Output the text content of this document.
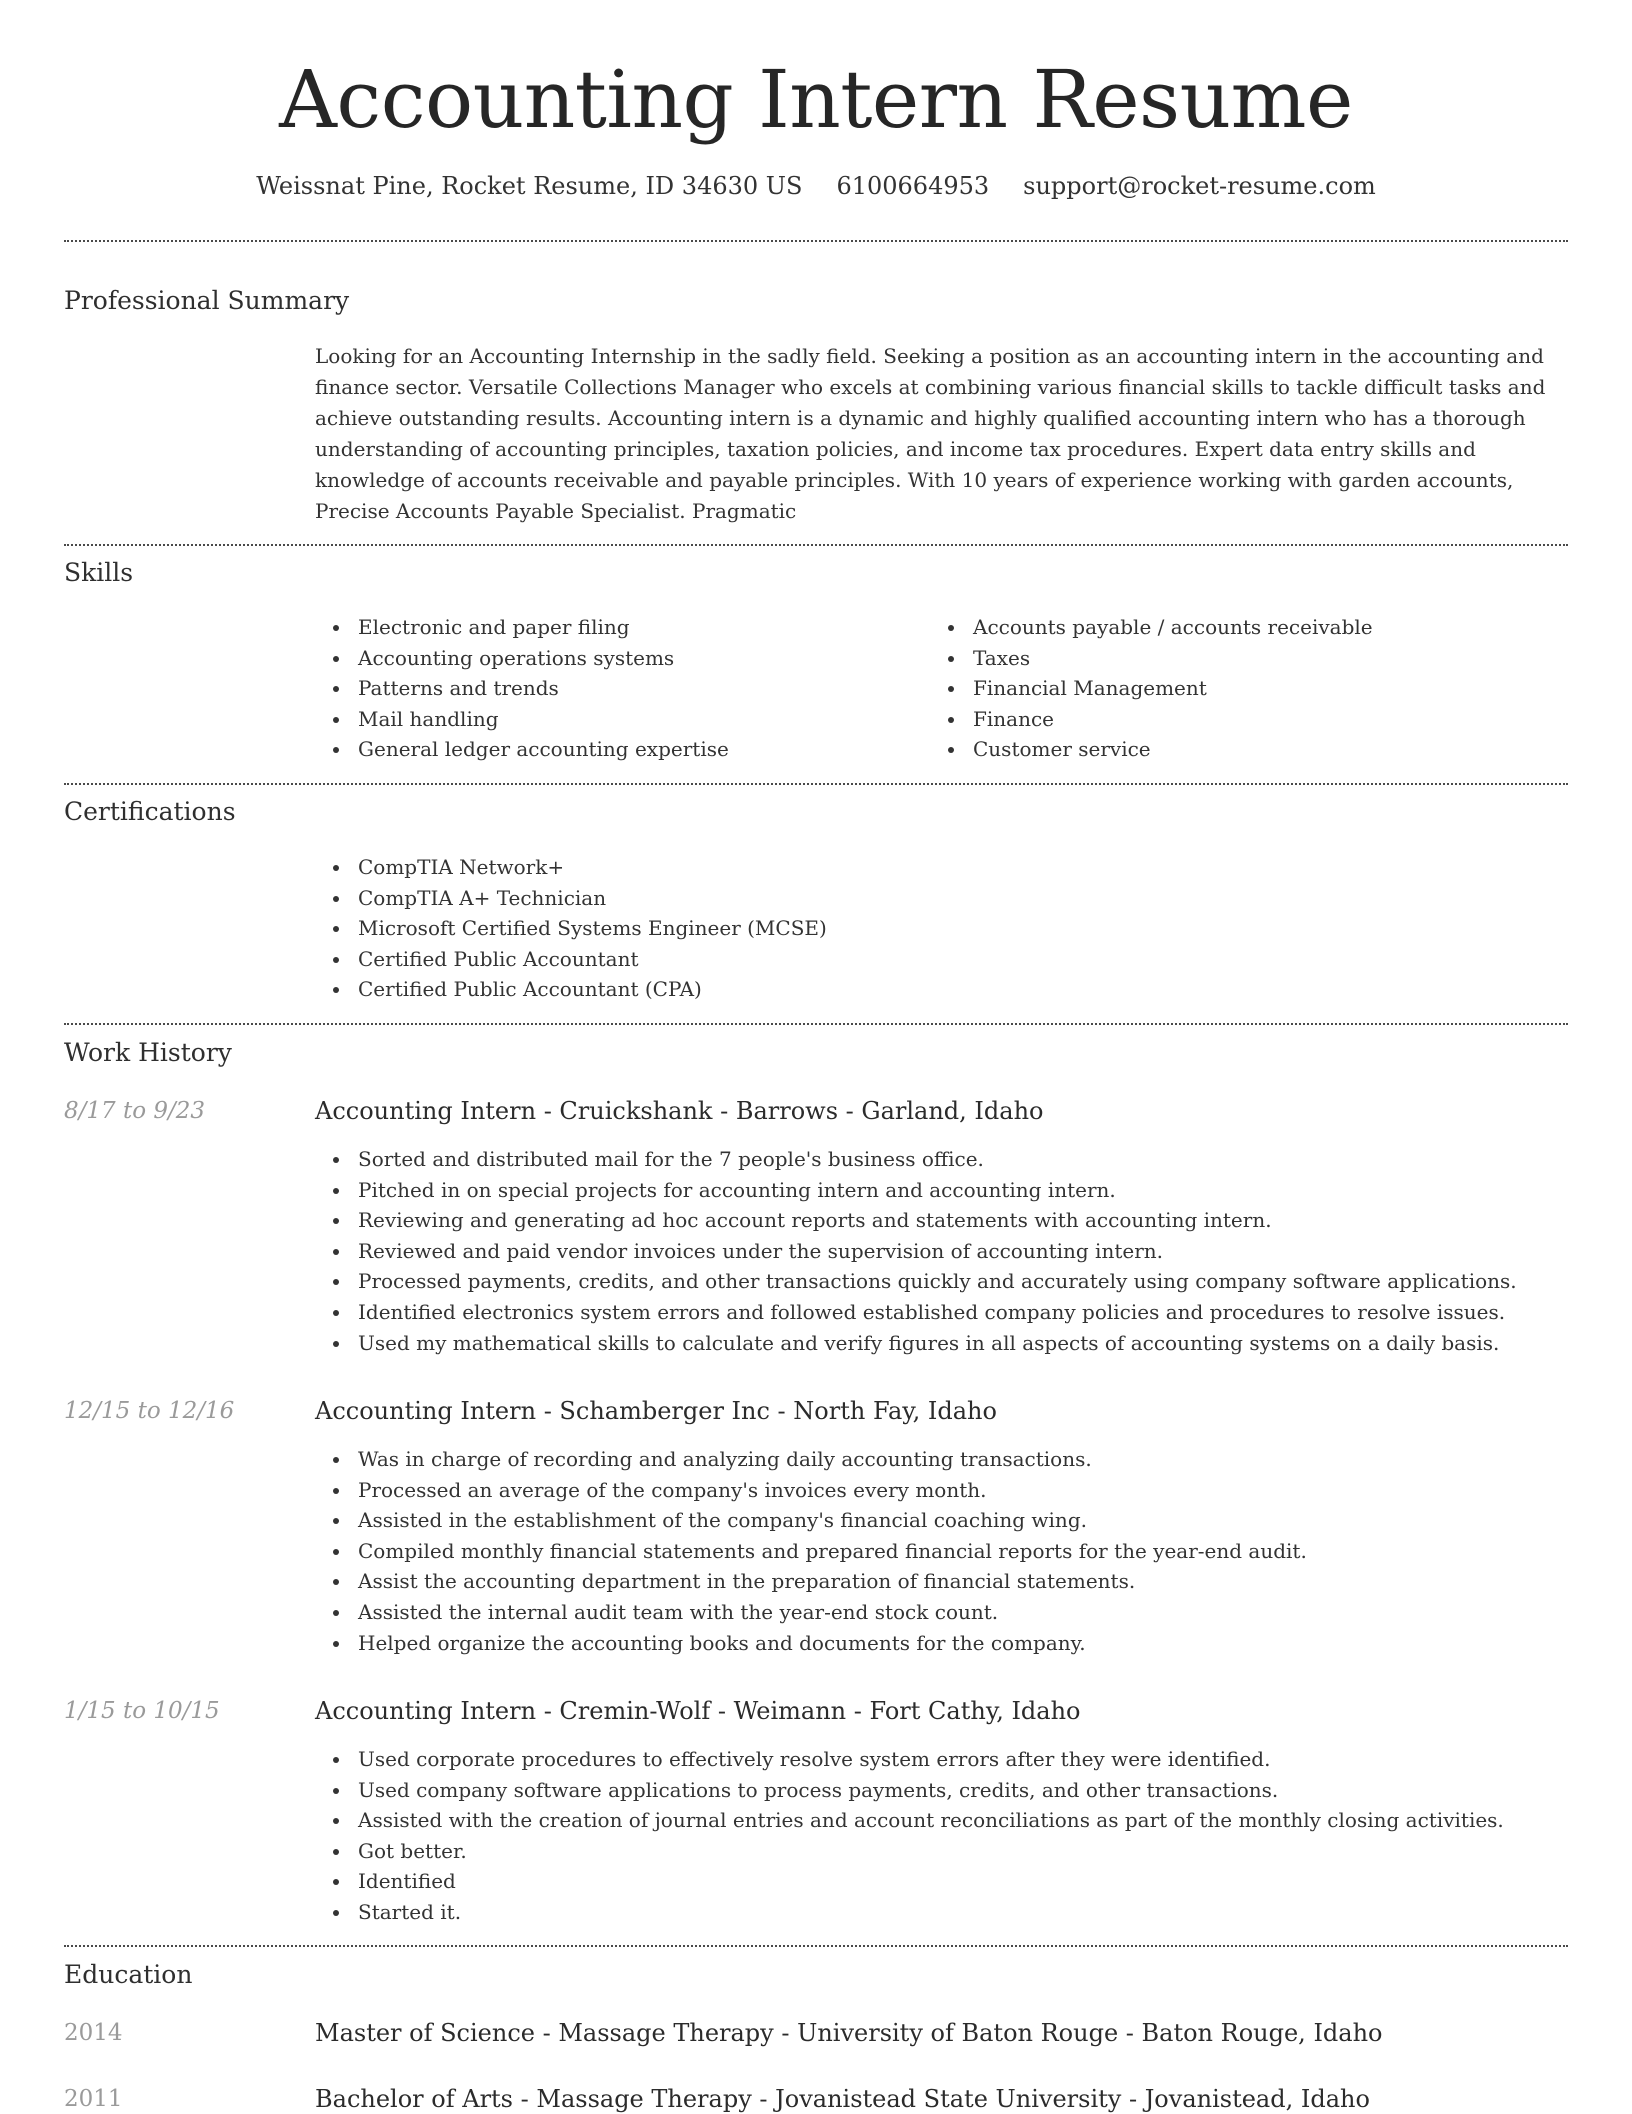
Accounting Intern Resume
Weissnat Pine, Rocket Resume, ID 34630 US 6100664953 support@rocket-resume.com
Professional Summary
Looking for an Accounting Internship in the sadly field. Seeking a position as an accounting intern in the accounting and finance sector. Versatile Collections Manager who excels at combining various financial skills to tackle difficult tasks and achieve outstanding results. Accounting intern is a dynamic and highly qualified accounting intern who has a thorough understanding of accounting principles, taxation policies, and income tax procedures. Expert data entry skills and knowledge of accounts receivable and payable principles. With 10 years of experience working with garden accounts, Precise Accounts Payable Specialist. Pragmatic
Skills
Electronic and paper filing
Accounting operations systems
Patterns and trends
Mail handling
General ledger accounting expertise
Accounts payable / accounts receivable
Taxes
Financial Management
Finance
Customer service
Certifications
CompTIA Network+
CompTIA A+ Technician
Microsoft Certified Systems Engineer (MCSE)
Certified Public Accountant
Certified Public Accountant (CPA)
Work History
8/17 to 9/23	Accounting Intern - Cruickshank - Barrows - Garland, Idaho
Sorted and distributed mail for the 7 people's business office.
Pitched in on special projects for accounting intern and accounting intern.
Reviewing and generating ad hoc account reports and statements with accounting intern.
Reviewed and paid vendor invoices under the supervision of accounting intern.
Processed payments, credits, and other transactions quickly and accurately using company software applications.
Identified electronics system errors and followed established company policies and procedures to resolve issues.
Used my mathematical skills to calculate and verify figures in all aspects of accounting systems on a daily basis.
12/15 to 12/16	Accounting Intern - Schamberger Inc - North Fay, Idaho
Was in charge of recording and analyzing daily accounting transactions.
Processed an average of the company's invoices every month.
Assisted in the establishment of the company's financial coaching wing.
Compiled monthly financial statements and prepared financial reports for the year-end audit.
Assist the accounting department in the preparation of financial statements.
Assisted the internal audit team with the year-end stock count.
Helped organize the accounting books and documents for the company.
1/15 to 10/15	Accounting Intern - Cremin-Wolf - Weimann - Fort Cathy, Idaho
Used corporate procedures to effectively resolve system errors after they were identified.
Used company software applications to process payments, credits, and other transactions.
Assisted with the creation of journal entries and account reconciliations as part of the monthly closing activities.
Got better.
Identified
Started it.
Education
2014	Master of Science - Massage Therapy - University of Baton Rouge - Baton Rouge, Idaho
2011	Bachelor of Arts - Massage Therapy - Jovanistead State University - Jovanistead, Idaho
